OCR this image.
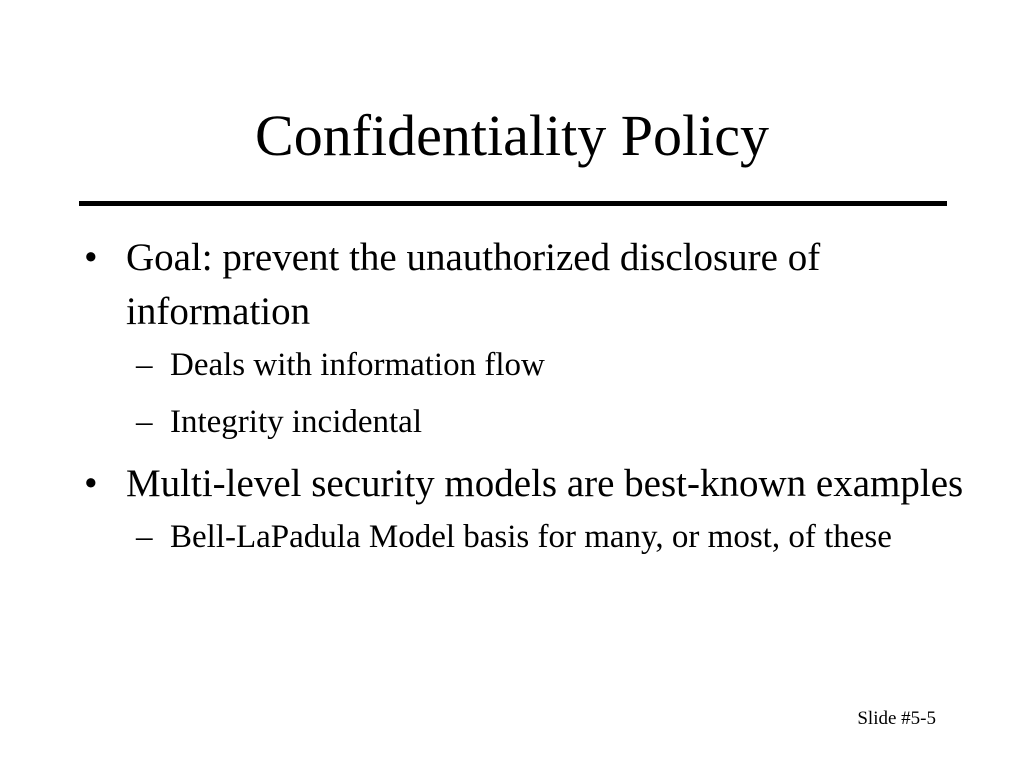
Confidentiality Policy
• Goal: prevent the unauthorized disclosure of information
– Deals with information flow
– Integrity incidental
• Multi-level security models are best-known examples
– Bell-LaPadula Model basis for many, or most, of these
Slide #5-5
